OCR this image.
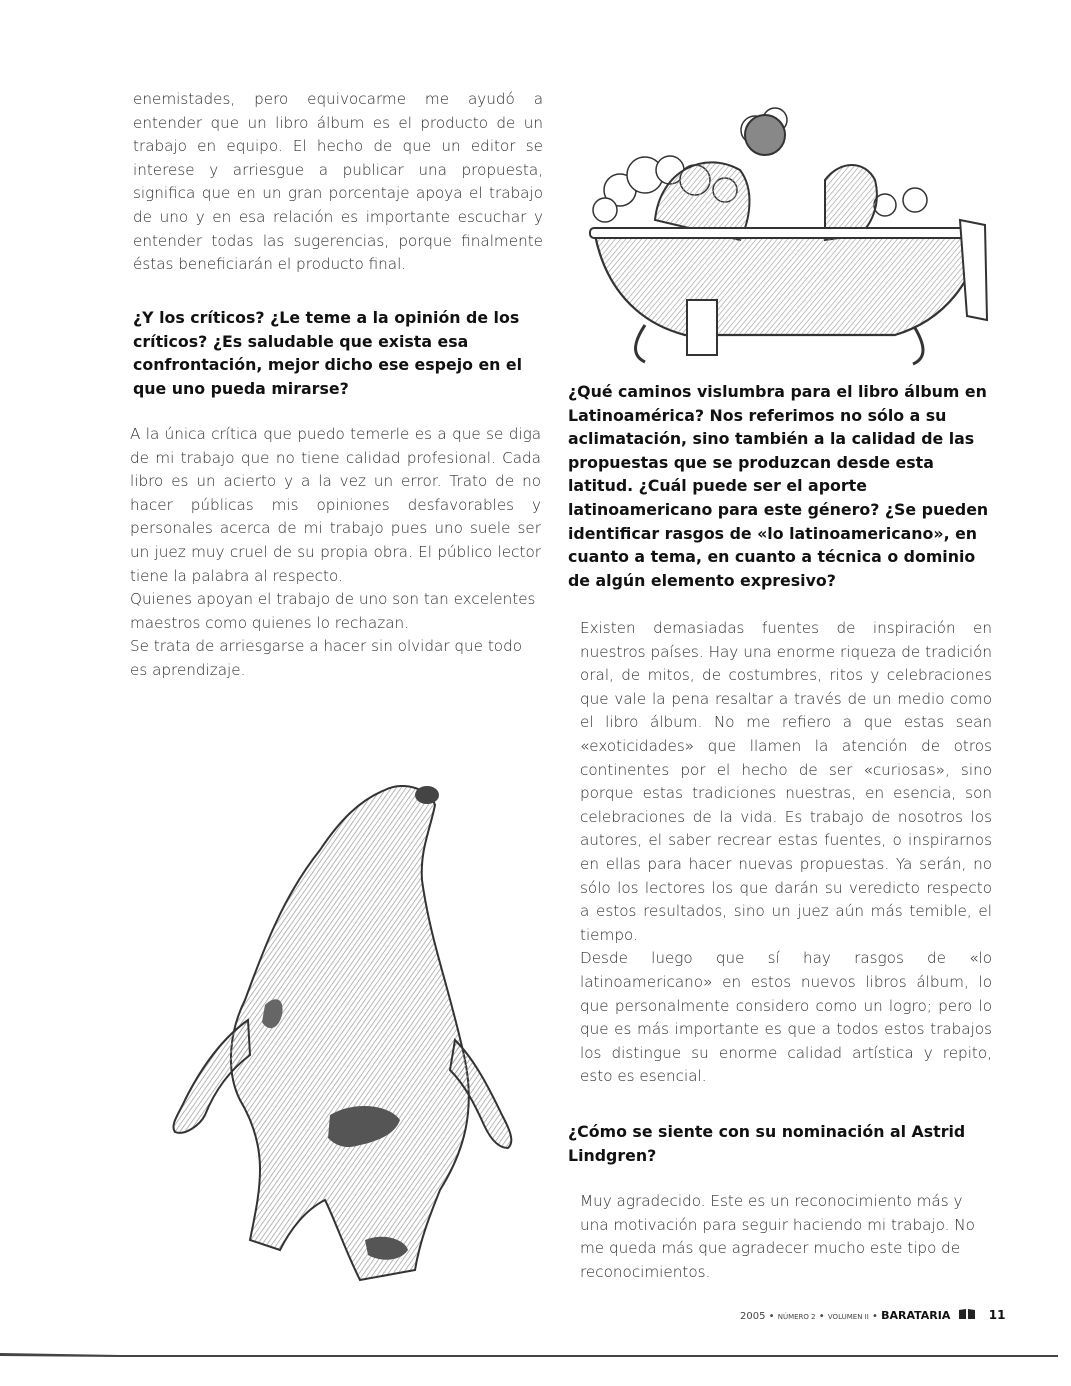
enemistades, pero equivocarme me ayudó a entender que un libro álbum es el producto de un trabajo en equipo. El hecho de que un editor se interese y arriesgue a publicar una propuesta, significa que en un gran porcentaje apoya el trabajo de uno y en esa relación es importante escuchar y entender todas las sugerencias, porque finalmente éstas beneficiarán el producto final.

¿Y los críticos? ¿Le teme a la opinión de los críticos? ¿Es saludable que exista esa confrontación, mejor dicho ese espejo en el que uno pueda mirarse?

A la única crítica que puedo temerle es a que se diga de mi trabajo que no tiene calidad profesional. Cada libro es un acierto y a la vez un error. Trato de no hacer públicas mis opiniones desfavorables y personales acerca de mi trabajo pues uno suele ser un juez muy cruel de su propia obra. El público lector tiene la palabra al respecto.

Quienes apoyan el trabajo de uno son tan excelentes maestros como quienes lo rechazan.

Se trata de arriesgarse a hacer sin olvidar que todo es aprendizaje.

¿Qué caminos vislumbra para el libro álbum en Latinoamérica? Nos referimos no sólo a su aclimatación, sino también a la calidad de las propuestas que se produzcan desde esta latitud. ¿Cuál puede ser el aporte latinoamericano para este género? ¿Se pueden identificar rasgos de «lo latinoamericano», en cuanto a tema, en cuanto a técnica o dominio de algún elemento expresivo?

Existen demasiadas fuentes de inspiración en nuestros países. Hay una enorme riqueza de tradición oral, de mitos, de costumbres, ritos y celebraciones que vale la pena resaltar a través de un medio como el libro álbum. No me refiero a que estas sean «exoticidades» que llamen la atención de otros continentes por el hecho de ser «curiosas», sino porque estas tradiciones nuestras, en esencia, son celebraciones de la vida. Es trabajo de nosotros los autores, el saber recrear estas fuentes, o inspirarnos en ellas para hacer nuevas propuestas. Ya serán, no sólo los lectores los que darán su veredicto respecto a estos resultados, sino un juez aún más temible, el tiempo.

Desde luego que sí hay rasgos de «lo latinoamericano» en estos nuevos libros álbum, lo que personalmente considero como un logro; pero lo que es más importante es que a todos estos trabajos los distingue su enorme calidad artística y repito, esto es esencial.

¿Cómo se siente con su nominación al Astrid Lindgren?

Muy agradecido. Este es un reconocimiento más y una motivación para seguir haciendo mi trabajo. No me queda más que agradecer mucho este tipo de reconocimientos.

2005 • NÚMERO 2 • VOLUMEN II • BARATARIA	11
